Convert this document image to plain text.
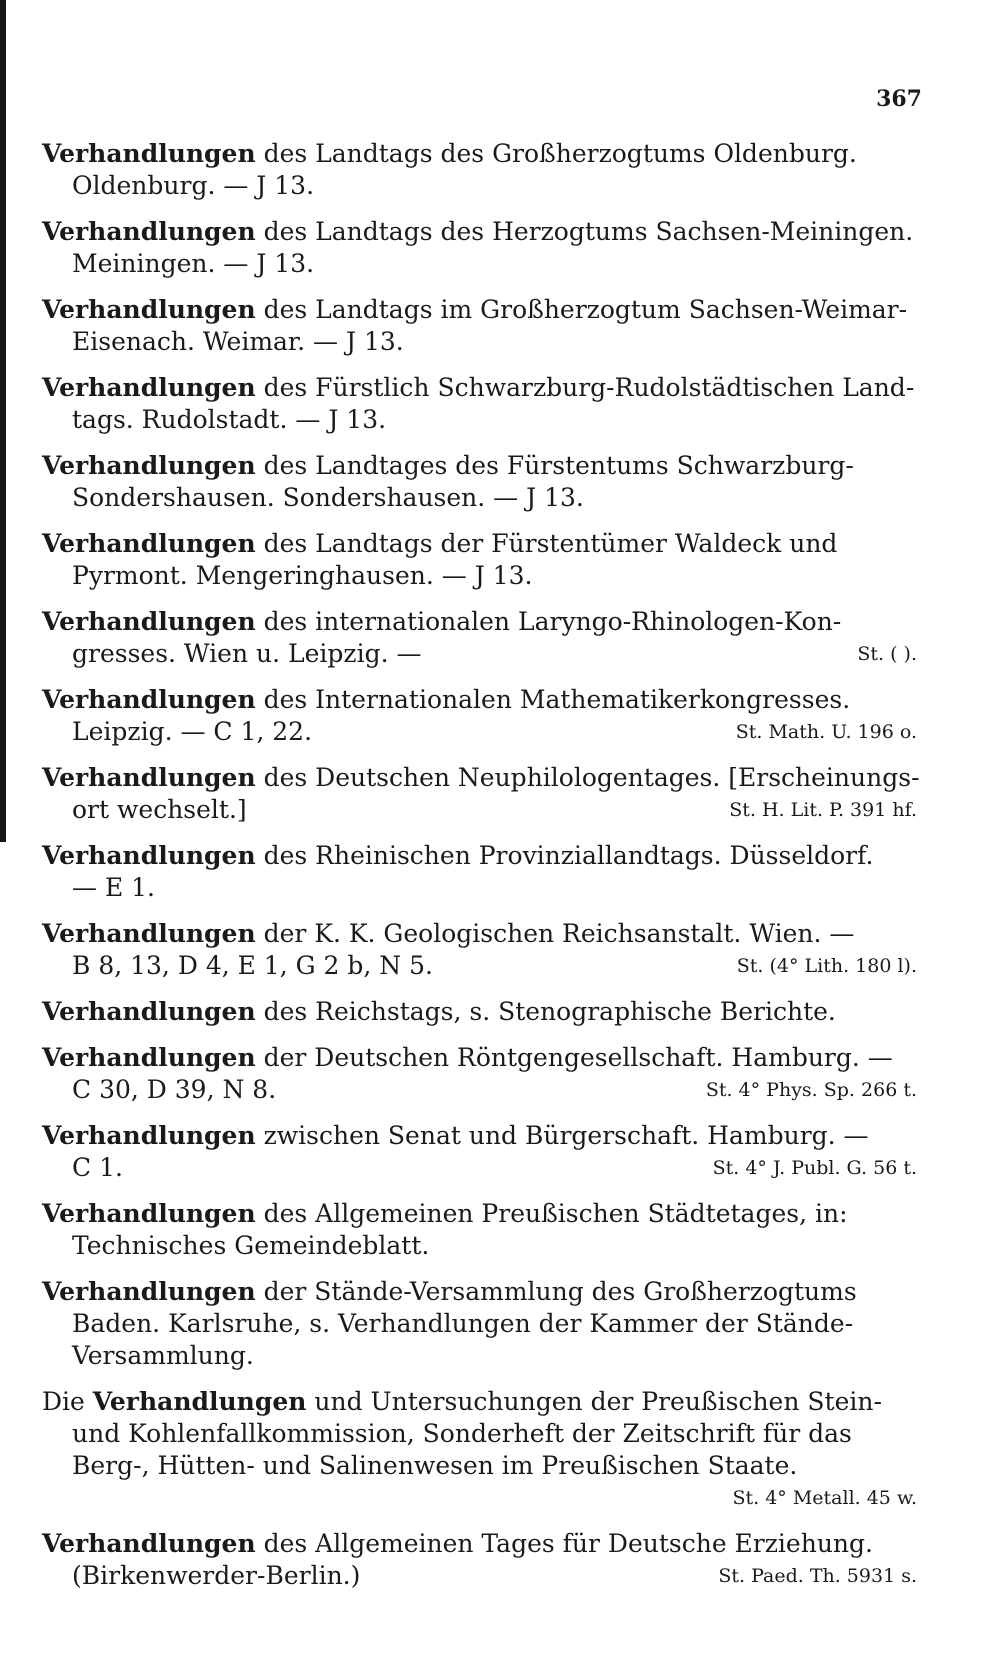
367
Verhandlungen des Landtags des Großherzogtums Oldenburg.
Oldenburg. — J 13.
Verhandlungen des Landtags des Herzogtums Sachsen-Meiningen.
Meiningen. — J 13.
Verhandlungen des Landtags im Großherzogtum Sachsen-Weimar-
Eisenach. Weimar. — J 13.
Verhandlungen des Fürstlich Schwarzburg-Rudolstädtischen Land-
tags. Rudolstadt. — J 13.
Verhandlungen des Landtages des Fürstentums Schwarzburg-
Sondershausen. Sondershausen. — J 13.
Verhandlungen des Landtags der Fürstentümer Waldeck und
Pyrmont. Mengeringhausen. — J 13.
Verhandlungen des internationalen Laryngo-Rhinologen-Kon-
gresses. Wien u. Leipzig. —	St. ( ).
Verhandlungen des Internationalen Mathematikerkongresses.
Leipzig. — C 1, 22.	St. Math. U. 196 o.
Verhandlungen des Deutschen Neuphilologentages. [Erscheinungs-
ort wechselt.]	St. H. Lit. P. 391 hf.
Verhandlungen des Rheinischen Provinziallandtags. Düsseldorf.
— E 1.
Verhandlungen der K. K. Geologischen Reichsanstalt. Wien. —
B 8, 13, D 4, E 1, G 2 b, N 5.	St. (4° Lith. 180 l).
Verhandlungen des Reichstags, s. Stenographische Berichte.
Verhandlungen der Deutschen Röntgengesellschaft. Hamburg. —
C 30, D 39, N 8.	St. 4° Phys. Sp. 266 t.
Verhandlungen zwischen Senat und Bürgerschaft. Hamburg. —
C 1.	St. 4° J. Publ. G. 56 t.
Verhandlungen des Allgemeinen Preußischen Städtetages, in:
Technisches Gemeindeblatt.
Verhandlungen der Stände-Versammlung des Großherzogtums
Baden. Karlsruhe, s. Verhandlungen der Kammer der Stände-
Versammlung.
Die Verhandlungen und Untersuchungen der Preußischen Stein-
und Kohlenfallkommission, Sonderheft der Zeitschrift für das
Berg-, Hütten- und Salinenwesen im Preußischen Staate.
St. 4° Metall. 45 w.
Verhandlungen des Allgemeinen Tages für Deutsche Erziehung.
(Birkenwerder-Berlin.)	St. Paed. Th. 5931 s.
